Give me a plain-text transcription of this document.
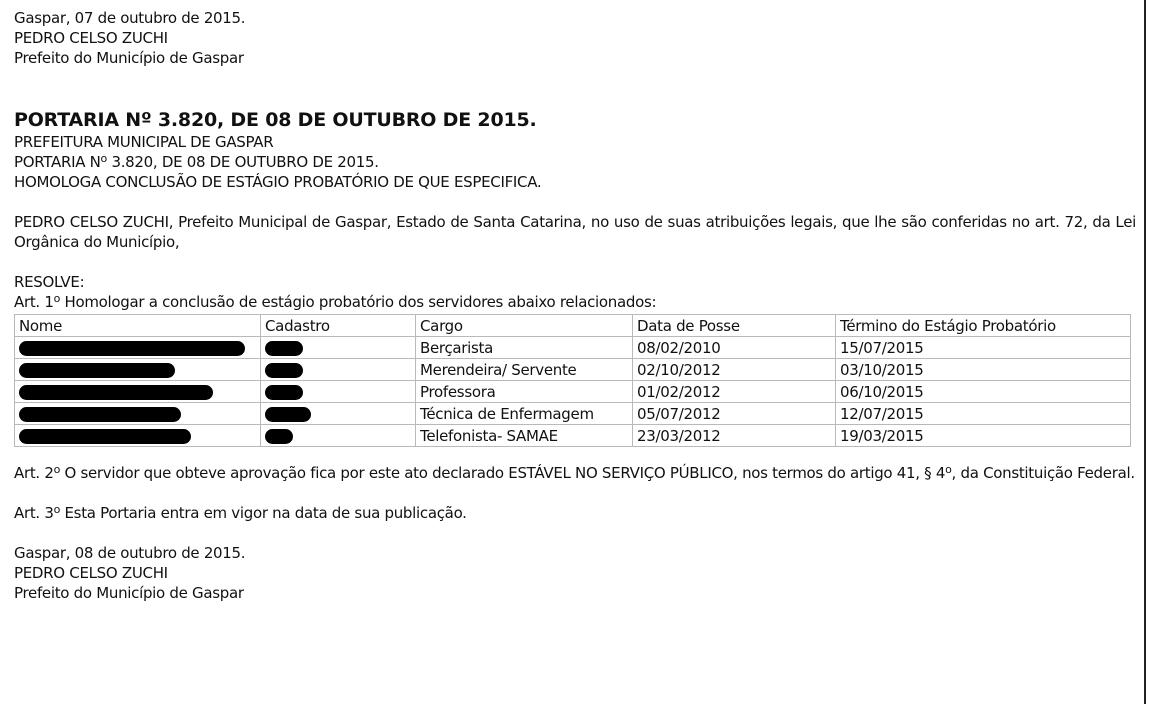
Gaspar, 07 de outubro de 2015.

PEDRO CELSO ZUCHI

Prefeito do Município de Gaspar

PORTARIA Nº 3.820, DE 08 DE OUTUBRO DE 2015.

PREFEITURA MUNICIPAL DE GASPAR

PORTARIA $N^o$ 3.820, DE 08 DE OUTUBRO DE 2015.

HOMOLOGA CONCLUSÃO DE ESTÁGIO PROBATÓRIO DE QUE ESPECIFICA.

PEDRO CELSO ZUCHI, Prefeito Municipal de Gaspar, Estado de Santa Catarina, no uso de suas atribuições legais, que lhe são conferidas no art. 72, da Lei Orgânica do Município,

RESOLVE:

Art. 1$^o$ Homologar a conclusão de estágio probatório dos servidores abaixo relacionados:

Nome	Cadastro	Cargo	Data de Posse	Término do Estágio Probatório
		Berçarista	08/02/2010	15/07/2015
		Merendeira/ Servente	02/10/2012	03/10/2015
		Professora	01/02/2012	06/10/2015
		Técnica de Enfermagem	05/07/2012	12/07/2015
		Telefonista- SAMAE	23/03/2012	19/03/2015

Art. 2$^o$ O servidor que obteve aprovação fica por este ato declarado ESTÁVEL NO SERVIÇO PÚBLICO, nos termos do artigo 41, § 4$^o$, da Constituição Federal.

Art. 3$^o$ Esta Portaria entra em vigor na data de sua publicação.

Gaspar, 08 de outubro de 2015.

PEDRO CELSO ZUCHI

Prefeito do Município de Gaspar
